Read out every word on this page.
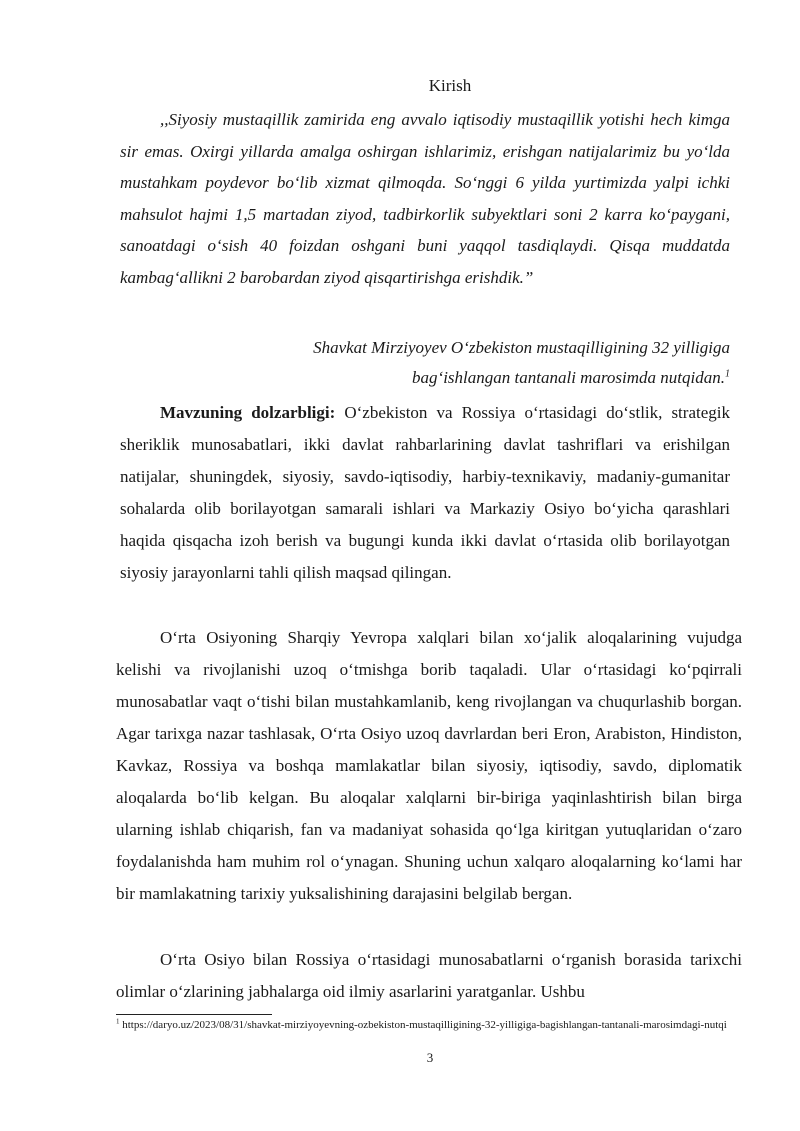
Kirish

,,Siyosiy mustaqillik zamirida eng avvalo iqtisodiy mustaqillik yotishi hech kimga sir emas. Oxirgi yillarda amalga oshirgan ishlarimiz, erishgan natijalarimiz bu yo‘lda mustahkam poydevor bo‘lib xizmat qilmoqda. So‘nggi 6 yilda yurtimizda yalpi ichki mahsulot hajmi 1,5 martadan ziyod, tadbirkorlik subyektlari soni 2 karra ko‘paygani, sanoatdagi o‘sish 40 foizdan oshgani buni yaqqol tasdiqlaydi. Qisqa muddatda kambag‘allikni 2 barobardan ziyod qisqartirishga erishdik.”

Shavkat Mirziyoyev O‘zbekiston mustaqilligining 32 yilligiga
bag‘ishlangan tantanali marosimda nutqidan.$^1$

Mavzuning dolzarbligi: O‘zbekiston va Rossiya o‘rtasidagi do‘stlik, strategik sheriklik munosabatlari, ikki davlat rahbarlarining davlat tashriflari va erishilgan natijalar, shuningdek, siyosiy, savdo-iqtisodiy, harbiy-texnikaviy, madaniy-gumanitar sohalarda olib borilayotgan samarali ishlari va Markaziy Osiyo bo‘yicha qarashlari haqida qisqacha izoh berish va bugungi kunda ikki davlat o‘rtasida olib borilayotgan siyosiy jarayonlarni tahli qilish maqsad qilingan.

O‘rta Osiyoning Sharqiy Yevropa xalqlari bilan xo‘jalik aloqalarining vujudga kelishi va rivojlanishi uzoq o‘tmishga borib taqaladi. Ular o‘rtasidagi ko‘pqirrali munosabatlar vaqt o‘tishi bilan mustahkamlanib, keng rivojlangan va chuqurlashib borgan. Agar tarixga nazar tashlasak, O‘rta Osiyo uzoq davrlardan beri Eron, Arabiston, Hindiston, Kavkaz, Rossiya va boshqa mamlakatlar bilan siyosiy, iqtisodiy, savdo, diplomatik aloqalarda bo‘lib kelgan. Bu aloqalar xalqlarni bir-biriga yaqinlashtirish bilan birga ularning ishlab chiqarish, fan va madaniyat sohasida qo‘lga kiritgan yutuqlaridan o‘zaro foydalanishda ham muhim rol o‘ynagan. Shuning uchun xalqaro aloqalarning ko‘lami har bir mamlakatning tarixiy yuksalishining darajasini belgilab bergan.

O‘rta Osiyo bilan Rossiya o‘rtasidagi munosabatlarni o‘rganish borasida tarixchi olimlar o‘zlarining jabhalarga oid ilmiy asarlarini yaratganlar. Ushbu

$^1$ https://daryo.uz/2023/08/31/shavkat-mirziyoyevning-ozbekiston-mustaqilligining-32-yilligiga-bagishlangan-tantanali-marosimdagi-nutqi

3
